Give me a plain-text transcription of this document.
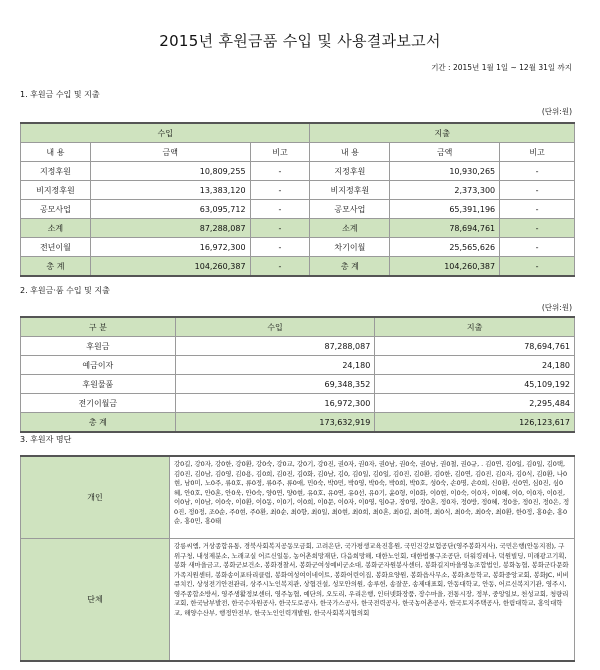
2015년 후원금품 수입 및 사용결과보고서
기간 : 2015년 1월 1일 ~ 12월 31일 까지
1. 후원금 수입 및 지출
(단위:원)
수입			지출		
내 용	금액	비고	내 용	금액	비고
지정후원	10,809,255	-	지정후원	10,930,265	-
비지정후원	13,383,120	-	비지정후원	2,373,300	-
공모사업	63,095,712	-	공모사업	65,391,196	-
소계	87,288,087	-	소계	78,694,761	-
전년이월	16,972,300	-	차기이월	25,565,626	-
총 계	104,260,387	-	총 계	104,260,387	-
2. 후원금·품 수입 및 지출
(단위:원)
구 분	수입	지출
후원금	87,288,087	78,694,761
예금이자	24,180	24,180
후원물품	69,348,352	45,109,192
전기이월금	16,972,300	2,295,484
총 계	173,632,919	126,123,617
3. 후원자 명단
개인	강0길, 강0자, 강0한, 강0환, 강0숙, 강0교, 강0기, 강0진, 권0자, 권0자, 권0남, 권0숙, 권0남, 권0철, 권0규, . 김0연, 김0일, 김0일, 김0택, 김0진, 김0남, 김0영, 김0용, 김0희, 김0진, 김0화, 김0남, 김0, 김0일, 김0일, 김0진, 김0환, 김0한, 김0연, 김0진, 김0자, 김0식, 김0환, 나0현, 남0미, 노0주, 류0호, 류0정, 류0주, 류0애, 민0숙, 박0민, 박0영, 박0숙, 박0희, 박0호, 성0숙, 손0명, 손0희, 신0환, 신0연, 심0진, 심0혜, 안0호, 안0혼, 안0욱, 안0숙, 양0연, 양0현, 유0호, 유0연, 유0선, 유0기, 윤0형, 이0화, 이0현, 이0숙, 이0자, 이0혜, 이0, 이0자, 이0진, 이0남, 이0남, 이0숙, 이0환, 이0동, 이0기, 이0희, 이0문, 이0자, 이0영, 임0규, 장0영, 장0혼, 정0자, 정0방, 정0혜, 정0웅, 정0진, 정0은, 정0진, 정0정, 조0순, 주0현, 주0환, 최0순, 최0향, 최0일, 최0현, 최0희, 최0혼, 최0길, 최0혁, 최0식, 최0숙, 최0숙, 최0환, 한0정, 홍0순, 홍0순, 홍0민, 홍0태
단체	강릉씨엠, 거상종합유통, 경북사회복지공동모금회, 고려은단, 국가평생교육진흥원, 국민건강보험공단(영주봉화지사), 국민은행(안동지점), 구위구청, 내성제분소, 노래교실 어르신일동, 농어촌희망재단, 다음희망해, 대한노인회, 대한법률구조공단, 더워킹레나, 덕원빌딩, 미래광고기획, 봉화 새마을금고, 봉화군보건소, 봉화경찰서, 봉화군여성예비군소대, 봉화군자원봉사센터, 봉화길지마을영농조합법인, 봉화농협, 봉화군다문화가족지원센터, 봉화송이포타리클럽, 봉화여성여이네이트, 봉화어린이집, 봉화요양원, 봉화읍사무소, 봉화초등학교, 봉화중앙교회, 봉화JC, 비비큐치킨, 상성전기안전관리, 상주시노인복지관, 상협건설, 성모안의원, 송루헌, 송잘꾼, 송제대표회, 안동대학교, 안동, 어르신복지기관, 영주시, 영주종합소방서, 영주생활정보센터, 영주농협, 예단의, 오도리, 우리은행, 인터넷화장품, 장수마을, 전통시장, 정부, 중앙일보, 천성교회, 청량리교회, 한국남부발전, 한국수자원공사, 한국도로공사, 한국가스공사, 한국전력공사, 한국농어촌공사, 한국토지주택공사, 한림대학교, 홍익대학교, 해양수산부, 행정안전부, 한국노인인력개발원, 한국사회복지협의회
